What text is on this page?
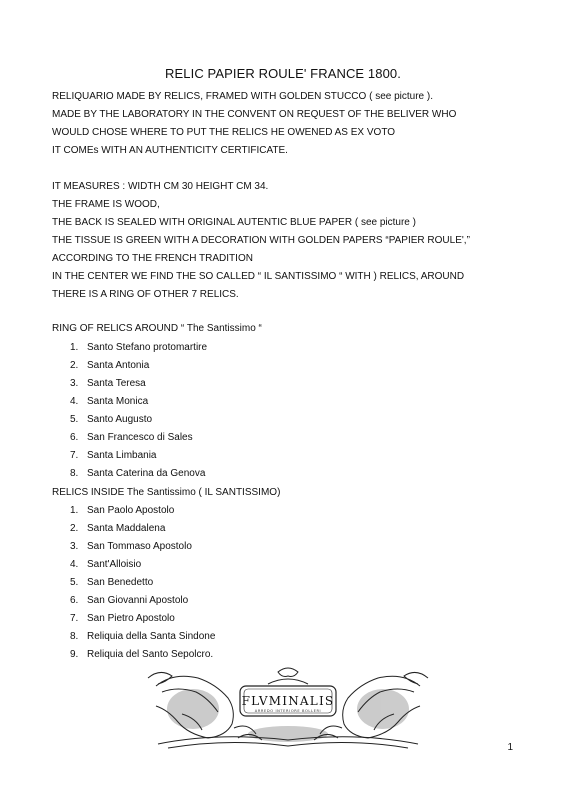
RELIC PAPIER ROULE' FRANCE 1800.
RELIQUARIO MADE BY RELICS, FRAMED WITH GOLDEN STUCCO ( see picture ).
MADE BY THE LABORATORY IN THE CONVENT ON REQUEST OF THE BELIVER WHO
WOULD CHOSE WHERE TO PUT THE RELICS HE OWENED AS EX VOTO
IT COMEs WITH AN AUTHENTICITY CERTIFICATE.
IT MEASURES : WIDTH CM 30 HEIGHT CM 34.
THE FRAME IS WOOD,
THE BACK IS SEALED WITH ORIGINAL AUTENTIC BLUE PAPER ( see picture )
THE TISSUE IS GREEN WITH A DECORATION WITH GOLDEN PAPERS “PAPIER ROULE',”
ACCORDING TO THE FRENCH TRADITION
IN THE CENTER WE FIND THE SO CALLED “ IL SANTISSIMO “ WITH ) RELICS, AROUND
THERE IS A RING OF OTHER 7 RELICS.
RING OF RELICS AROUND “ The Santissimo “
1. Santo Stefano protomartire
2. Santa Antonia
3. Santa Teresa
4. Santa Monica
5. Santo Augusto
6. San Francesco di Sales
7. Santa Limbania
8. Santa Caterina da Genova
RELICS INSIDE The Santissimo ( IL SANTISSIMO)
1. San Paolo Apostolo
2. Santa Maddalena
3. San Tommaso Apostolo
4. Sant'Alloisio
5. San Benedetto
6. San Giovanni Apostolo
7. San Pietro Apostolo
8. Reliquia della Santa Sindone
9. Reliquia del Santo Sepolcro.
FLVMINALIS
ARREDO INTERIORE BOLLERI
1
